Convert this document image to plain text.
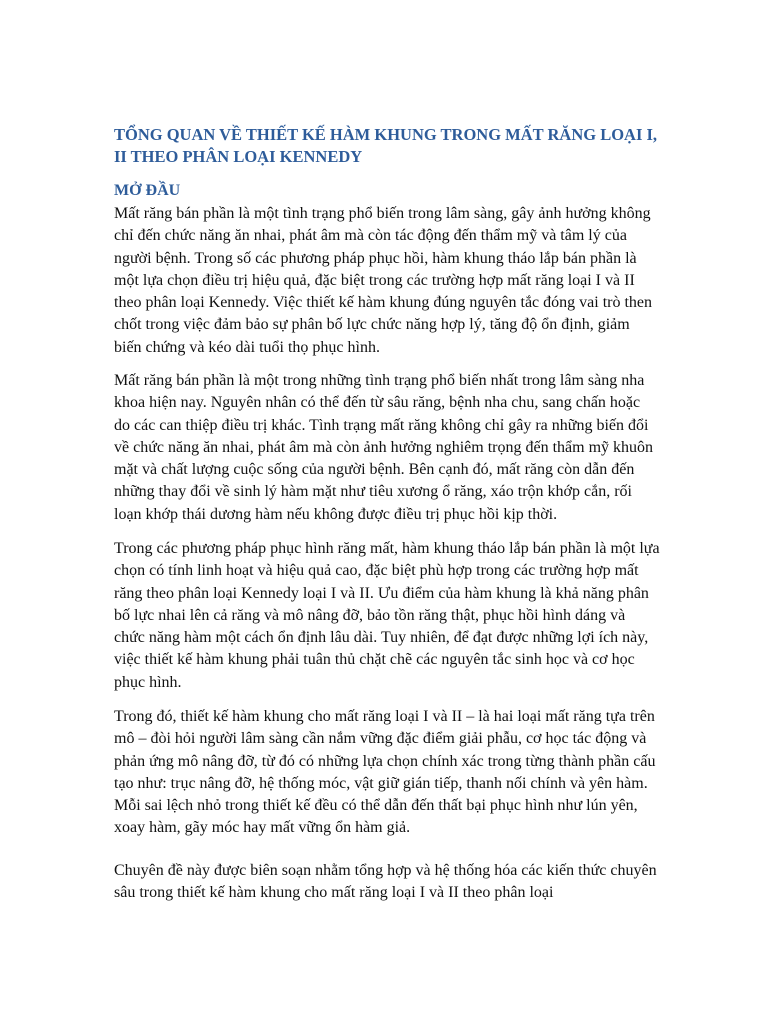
TỔNG QUAN VỀ THIẾT KẾ HÀM KHUNG TRONG MẤT RĂNG LOẠI I, II THEO PHÂN LOẠI KENNEDY
MỞ ĐẦU

Mất răng bán phần là một tình trạng phổ biến trong lâm sàng, gây ảnh hưởng không chỉ đến chức năng ăn nhai, phát âm mà còn tác động đến thẩm mỹ và tâm lý của người bệnh. Trong số các phương pháp phục hồi, hàm khung tháo lắp bán phần là một lựa chọn điều trị hiệu quả, đặc biệt trong các trường hợp mất răng loại I và II theo phân loại Kennedy. Việc thiết kế hàm khung đúng nguyên tắc đóng vai trò then chốt trong việc đảm bảo sự phân bố lực chức năng hợp lý, tăng độ ổn định, giảm biến chứng và kéo dài tuổi thọ phục hình.

Mất răng bán phần là một trong những tình trạng phổ biến nhất trong lâm sàng nha khoa hiện nay. Nguyên nhân có thể đến từ sâu răng, bệnh nha chu, sang chấn hoặc do các can thiệp điều trị khác. Tình trạng mất răng không chỉ gây ra những biến đổi về chức năng ăn nhai, phát âm mà còn ảnh hưởng nghiêm trọng đến thẩm mỹ khuôn mặt và chất lượng cuộc sống của người bệnh. Bên cạnh đó, mất răng còn dẫn đến những thay đổi về sinh lý hàm mặt như tiêu xương ổ răng, xáo trộn khớp cắn, rối loạn khớp thái dương hàm nếu không được điều trị phục hồi kịp thời.

Trong các phương pháp phục hình răng mất, hàm khung tháo lắp bán phần là một lựa chọn có tính linh hoạt và hiệu quả cao, đặc biệt phù hợp trong các trường hợp mất răng theo phân loại Kennedy loại I và II. Ưu điểm của hàm khung là khả năng phân bố lực nhai lên cả răng và mô nâng đỡ, bảo tồn răng thật, phục hồi hình dáng và chức năng hàm một cách ổn định lâu dài. Tuy nhiên, để đạt được những lợi ích này, việc thiết kế hàm khung phải tuân thủ chặt chẽ các nguyên tắc sinh học và cơ học phục hình.

Trong đó, thiết kế hàm khung cho mất răng loại I và II – là hai loại mất răng tựa trên mô – đòi hỏi người lâm sàng cần nắm vững đặc điểm giải phẫu, cơ học tác động và phản ứng mô nâng đỡ, từ đó có những lựa chọn chính xác trong từng thành phần cấu tạo như: trục nâng đỡ, hệ thống móc, vật giữ gián tiếp, thanh nối chính và yên hàm. Mỗi sai lệch nhỏ trong thiết kế đều có thể dẫn đến thất bại phục hình như lún yên, xoay hàm, gãy móc hay mất vững ổn hàm giả.

Chuyên đề này được biên soạn nhằm tổng hợp và hệ thống hóa các kiến thức chuyên sâu trong thiết kế hàm khung cho mất răng loại I và II theo phân loại
